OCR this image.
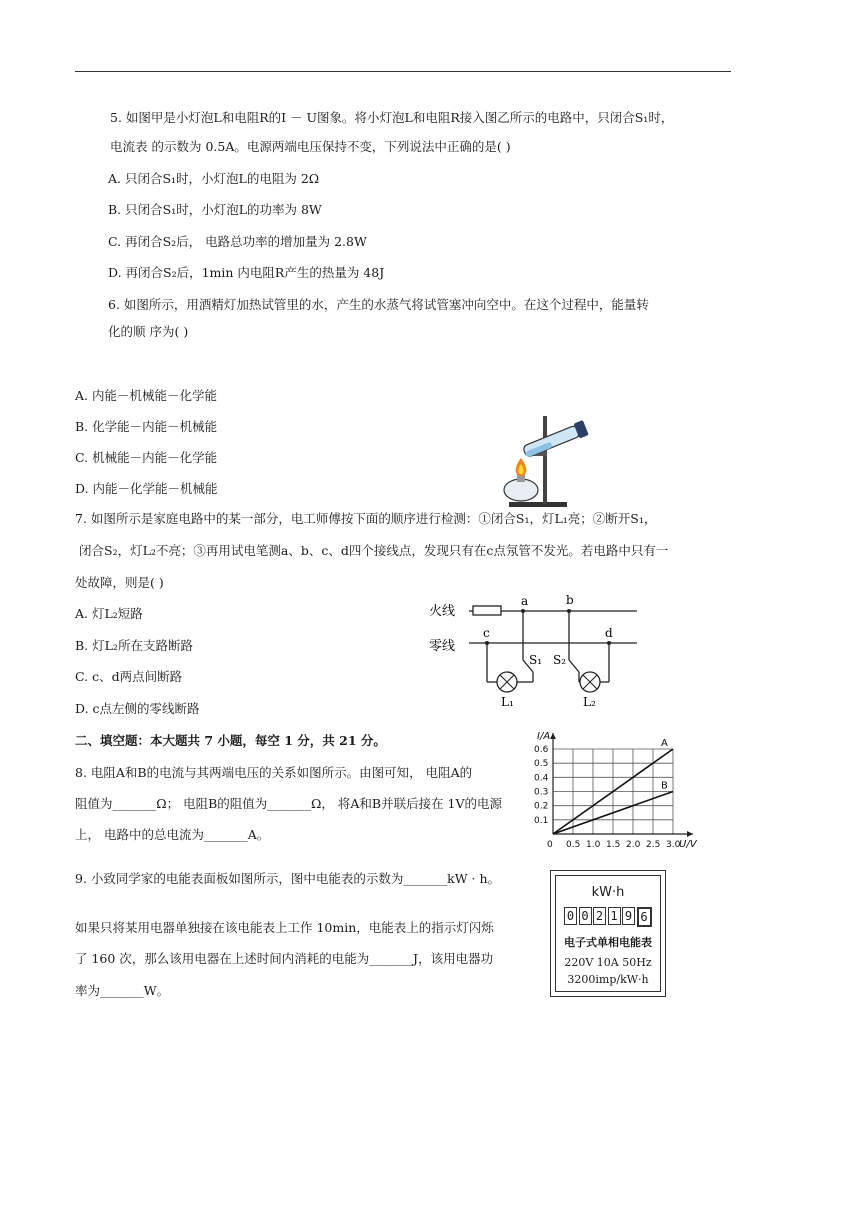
5. 如图甲是小灯泡L和电阻R的I － U图象。将小灯泡L和电阻R接入图乙所示的电路中，只闭合S₁时，
电流表 的示数为 0.5A。电源两端电压保持不变，下列说法中正确的是( )
A. 只闭合S₁时，小灯泡L的电阻为 2Ω
B. 只闭合S₁时，小灯泡L的功率为 8W
C. 再闭合S₂后， 电路总功率的增加量为 2.8W
D. 再闭合S₂后，1min 内电阻R产生的热量为 48J
6. 如图所示，用酒精灯加热试管里的水，产生的水蒸气将试管塞冲向空中。在这个过程中，能量转
化的顺 序为( )
A. 内能－机械能－化学能
B. 化学能－内能－机械能
C. 机械能－内能－化学能
D. 内能－化学能－机械能
7. 如图所示是家庭电路中的某一部分，电工师傅按下面的顺序进行检测：①闭合S₁，灯L₁亮；②断开S₁，
闭合S₂，灯L₂不亮；③再用试电笔测a、b、c、d四个接线点，发现只有在c点氖管不发光。若电路中只有一
处故障，则是( )
A. 灯L₂短路
B. 灯L₂所在支路断路
C. c、d两点间断路
D. c点左侧的零线断路
火线
零线
a	b
c	d
S₁ S₂
L₁	L₂
二、填空题：本大题共 7 小题，每空 1 分，共 21 分。
8. 电阻A和B的电流与其两端电压的关系如图所示。由图可知， 电阻A的
阻值为_______Ω； 电阻B的阻值为_______Ω， 将A和B并联后接在 1V的电源
上， 电路中的总电流为_______A。
A
B
0 0.5 1.0 1.5 2.0 2.5 3.0
0.1
0.2
0.3
0.4
0.5
0.6
U/V
I/A
9. 小致同学家的电能表面板如图所示，图中电能表的示数为_______kW · h。
如果只将某用电器单独接在该电能表上工作 10min，电能表上的指示灯闪烁
了 160 次，那么该用电器在上述时间内消耗的电能为_______J，该用电器功
率为_______W。
kW·h
0 0 2 1 9 6
电子式单相电能表
220V 10A 50Hz
3200imp/kW·h
